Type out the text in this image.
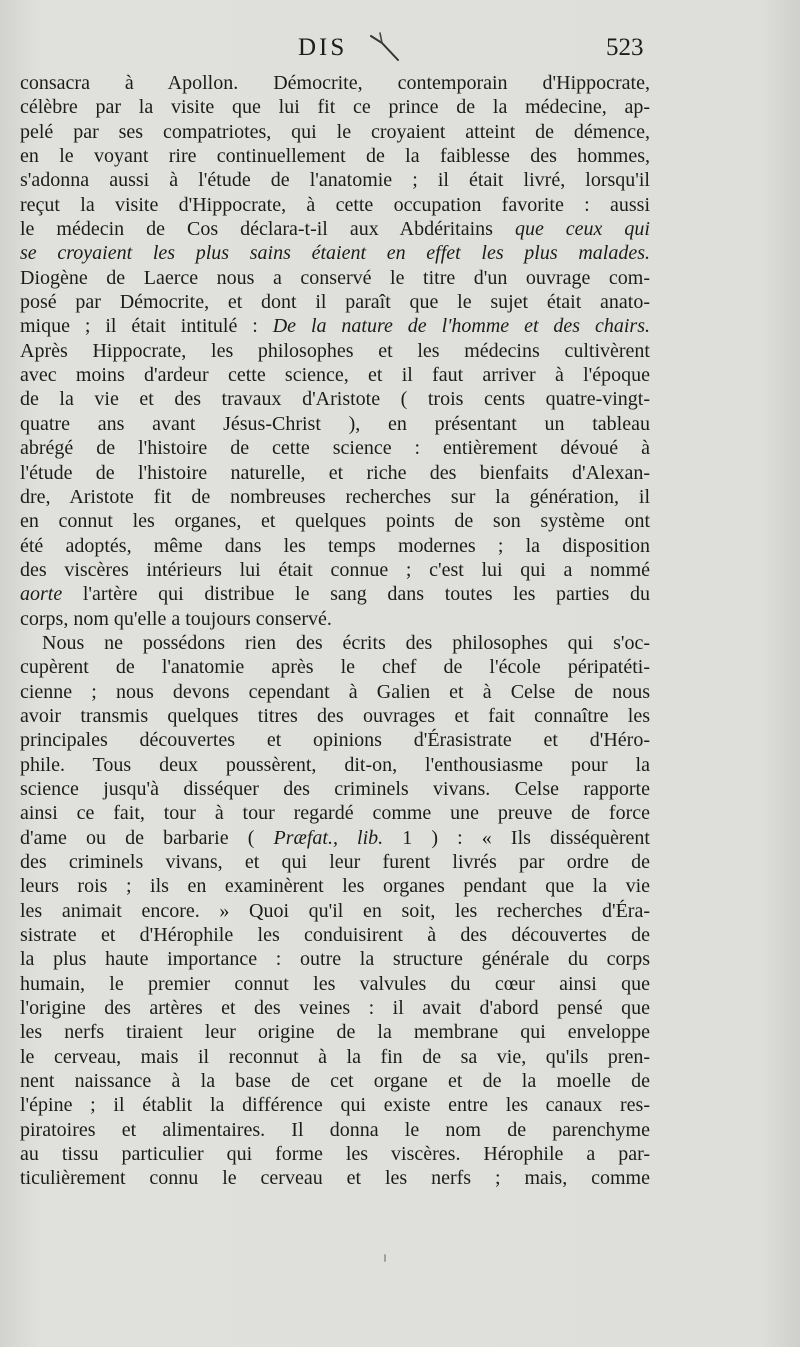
DIS	523
consacra à Apollon. Démocrite, contemporain d'Hippocrate,
célèbre par la visite que lui fit ce prince de la médecine, ap-
pelé par ses compatriotes, qui le croyaient atteint de démence,
en le voyant rire continuellement de la faiblesse des hommes,
s'adonna aussi à l'étude de l'anatomie ; il était livré, lorsqu'il
reçut la visite d'Hippocrate, à cette occupation favorite : aussi
le médecin de Cos déclara-t-il aux Abdéritains que ceux qui
se croyaient les plus sains étaient en effet les plus malades.
Diogène de Laerce nous a conservé le titre d'un ouvrage com-
posé par Démocrite, et dont il paraît que le sujet était anato-
mique ; il était intitulé : De la nature de l'homme et des chairs.
Après Hippocrate, les philosophes et les médecins cultivèrent
avec moins d'ardeur cette science, et il faut arriver à l'époque
de la vie et des travaux d'Aristote ( trois cents quatre-vingt-
quatre ans avant Jésus-Christ ), en présentant un tableau
abrégé de l'histoire de cette science : entièrement dévoué à
l'étude de l'histoire naturelle, et riche des bienfaits d'Alexan-
dre, Aristote fit de nombreuses recherches sur la génération, il
en connut les organes, et quelques points de son système ont
été adoptés, même dans les temps modernes ; la disposition
des viscères intérieurs lui était connue ; c'est lui qui a nommé
aorte l'artère qui distribue le sang dans toutes les parties du
corps, nom qu'elle a toujours conservé.
Nous ne possédons rien des écrits des philosophes qui s'oc-
cupèrent de l'anatomie après le chef de l'école péripatéti-
cienne ; nous devons cependant à Galien et à Celse de nous
avoir transmis quelques titres des ouvrages et fait connaître les
principales découvertes et opinions d'Érasistrate et d'Héro-
phile. Tous deux poussèrent, dit-on, l'enthousiasme pour la
science jusqu'à disséquer des criminels vivans. Celse rapporte
ainsi ce fait, tour à tour regardé comme une preuve de force
d'ame ou de barbarie ( Præfat., lib. 1 ) : « Ils disséquèrent
des criminels vivans, et qui leur furent livrés par ordre de
leurs rois ; ils en examinèrent les organes pendant que la vie
les animait encore. » Quoi qu'il en soit, les recherches d'Éra-
sistrate et d'Hérophile les conduisirent à des découvertes de
la plus haute importance : outre la structure générale du corps
humain, le premier connut les valvules du cœur ainsi que
l'origine des artères et des veines : il avait d'abord pensé que
les nerfs tiraient leur origine de la membrane qui enveloppe
le cerveau, mais il reconnut à la fin de sa vie, qu'ils pren-
nent naissance à la base de cet organe et de la moelle de
l'épine ; il établit la différence qui existe entre les canaux res-
piratoires et alimentaires. Il donna le nom de parenchyme
au tissu particulier qui forme les viscères. Hérophile a par-
ticulièrement connu le cerveau et les nerfs ; mais, comme
